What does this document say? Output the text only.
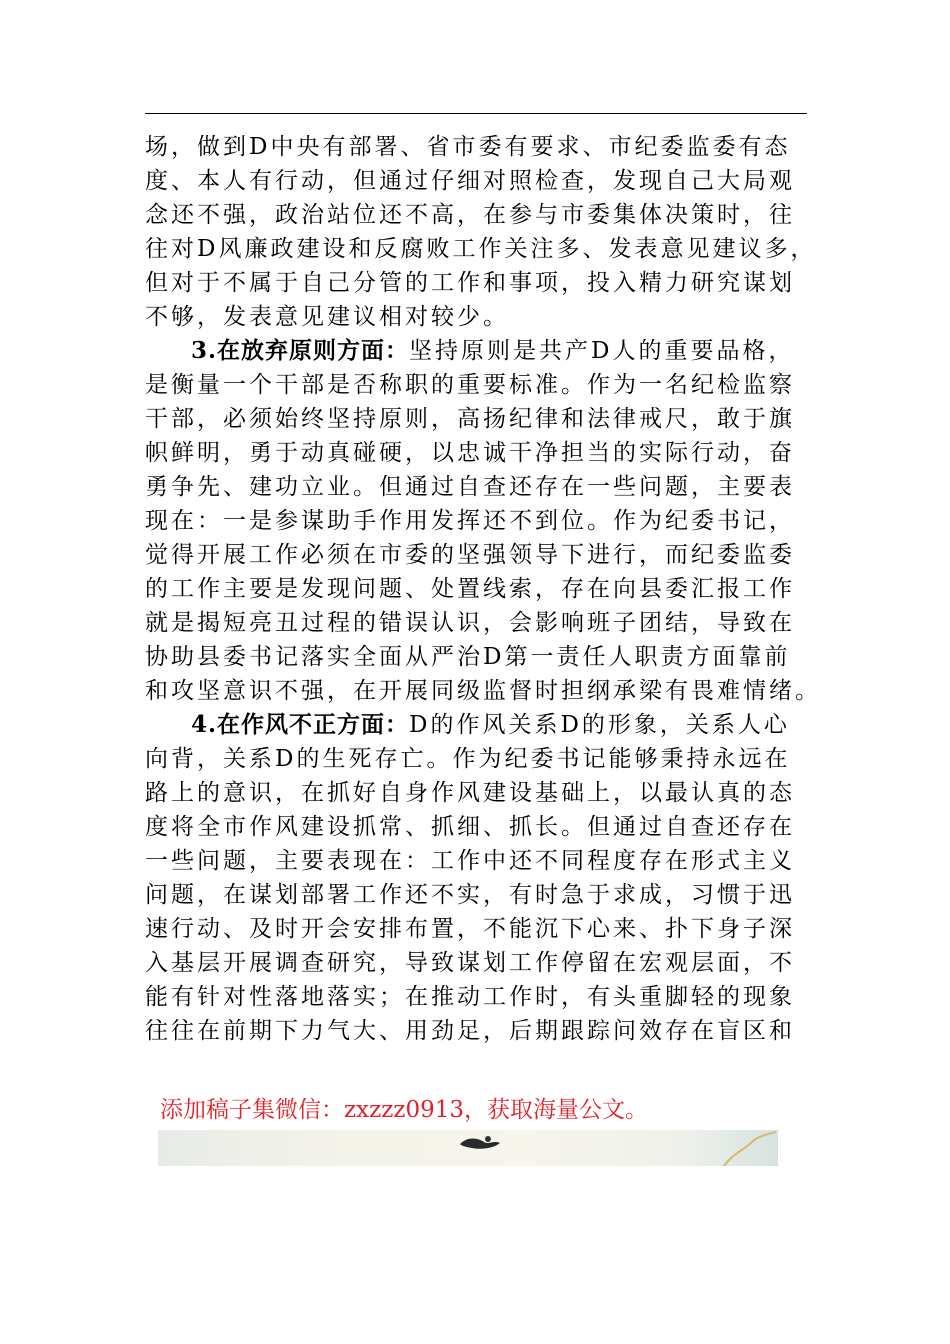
场，做到D中央有部署、省市委有要求、市纪委监委有态
度、本人有行动，但通过仔细对照检查，发现自己大局观
念还不强，政治站位还不高，在参与市委集体决策时，往
往对D风廉政建设和反腐败工作关注多、发表意见建议多，
但对于不属于自己分管的工作和事项，投入精力研究谋划
不够，发表意见建议相对较少。
3.在放弃原则方面：坚持原则是共产D人的重要品格，
是衡量一个干部是否称职的重要标准。作为一名纪检监察
干部，必须始终坚持原则，高扬纪律和法律戒尺，敢于旗
帜鲜明，勇于动真碰硬，以忠诚干净担当的实际行动，奋
勇争先、建功立业。但通过自查还存在一些问题，主要表
现在：一是参谋助手作用发挥还不到位。作为纪委书记，
觉得开展工作必须在市委的坚强领导下进行，而纪委监委
的工作主要是发现问题、处置线索，存在向县委汇报工作
就是揭短亮丑过程的错误认识，会影响班子团结，导致在
协助县委书记落实全面从严治D第一责任人职责方面靠前
和攻坚意识不强，在开展同级监督时担纲承梁有畏难情绪。
4.在作风不正方面：D的作风关系D的形象，关系人心
向背，关系D的生死存亡。作为纪委书记能够秉持永远在
路上的意识，在抓好自身作风建设基础上，以最认真的态
度将全市作风建设抓常、抓细、抓长。但通过自查还存在
一些问题，主要表现在：工作中还不同程度存在形式主义
问题，在谋划部署工作还不实，有时急于求成，习惯于迅
速行动、及时开会安排布置，不能沉下心来、扑下身子深
入基层开展调查研究，导致谋划工作停留在宏观层面，不
能有针对性落地落实；在推动工作时，有头重脚轻的现象
往往在前期下力气大、用劲足，后期跟踪问效存在盲区和
添加稿子集微信：zxzzz0913，获取海量公文。
